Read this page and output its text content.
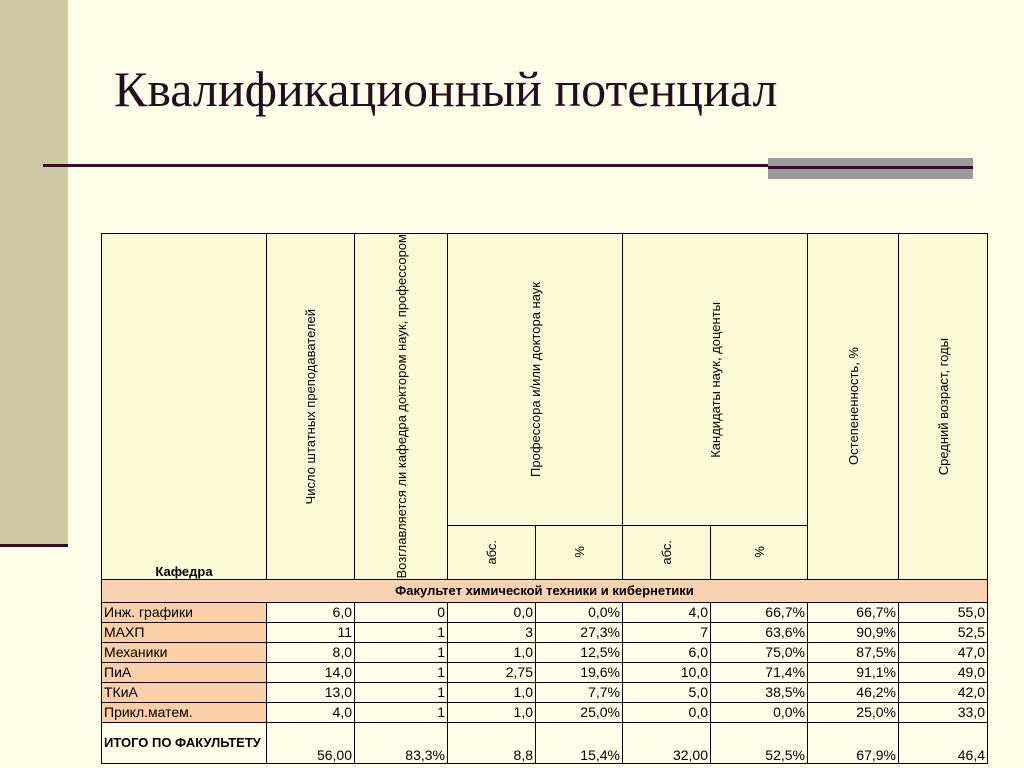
Квалификационный потенциал
Кафедра	Число штатных преподавателей	Возглавляется ли кафедра доктором наук, профессором	Профессора и/или доктора наук		Кандидаты наук, доценты		Остепененность, %	Средний возраст, годы

			абс.	%	абс.	%		

Факультет химической техники и кибернетики								
Инж. графики	6,0	0	0,0	0,0%	4,0	66,7%	66,7%	55,0
МАХП	11	1	3	27,3%	7	63,6%	90,9%	52,5
Механики	8,0	1	1,0	12,5%	6,0	75,0%	87,5%	47,0
ПиА	14,0	1	2,75	19,6%	10,0	71,4%	91,1%	49,0
ТКиА	13,0	1	1,0	7,7%	5,0	38,5%	46,2%	42,0
Прикл.матем.	4,0	1	1,0	25,0%	0,0	0,0%	25,0%	33,0
ИТОГО ПО ФАКУЛЬТЕТУ	56,00	83,3%	8,8	15,4%	32,00	52,5%	67,9%	46,4
